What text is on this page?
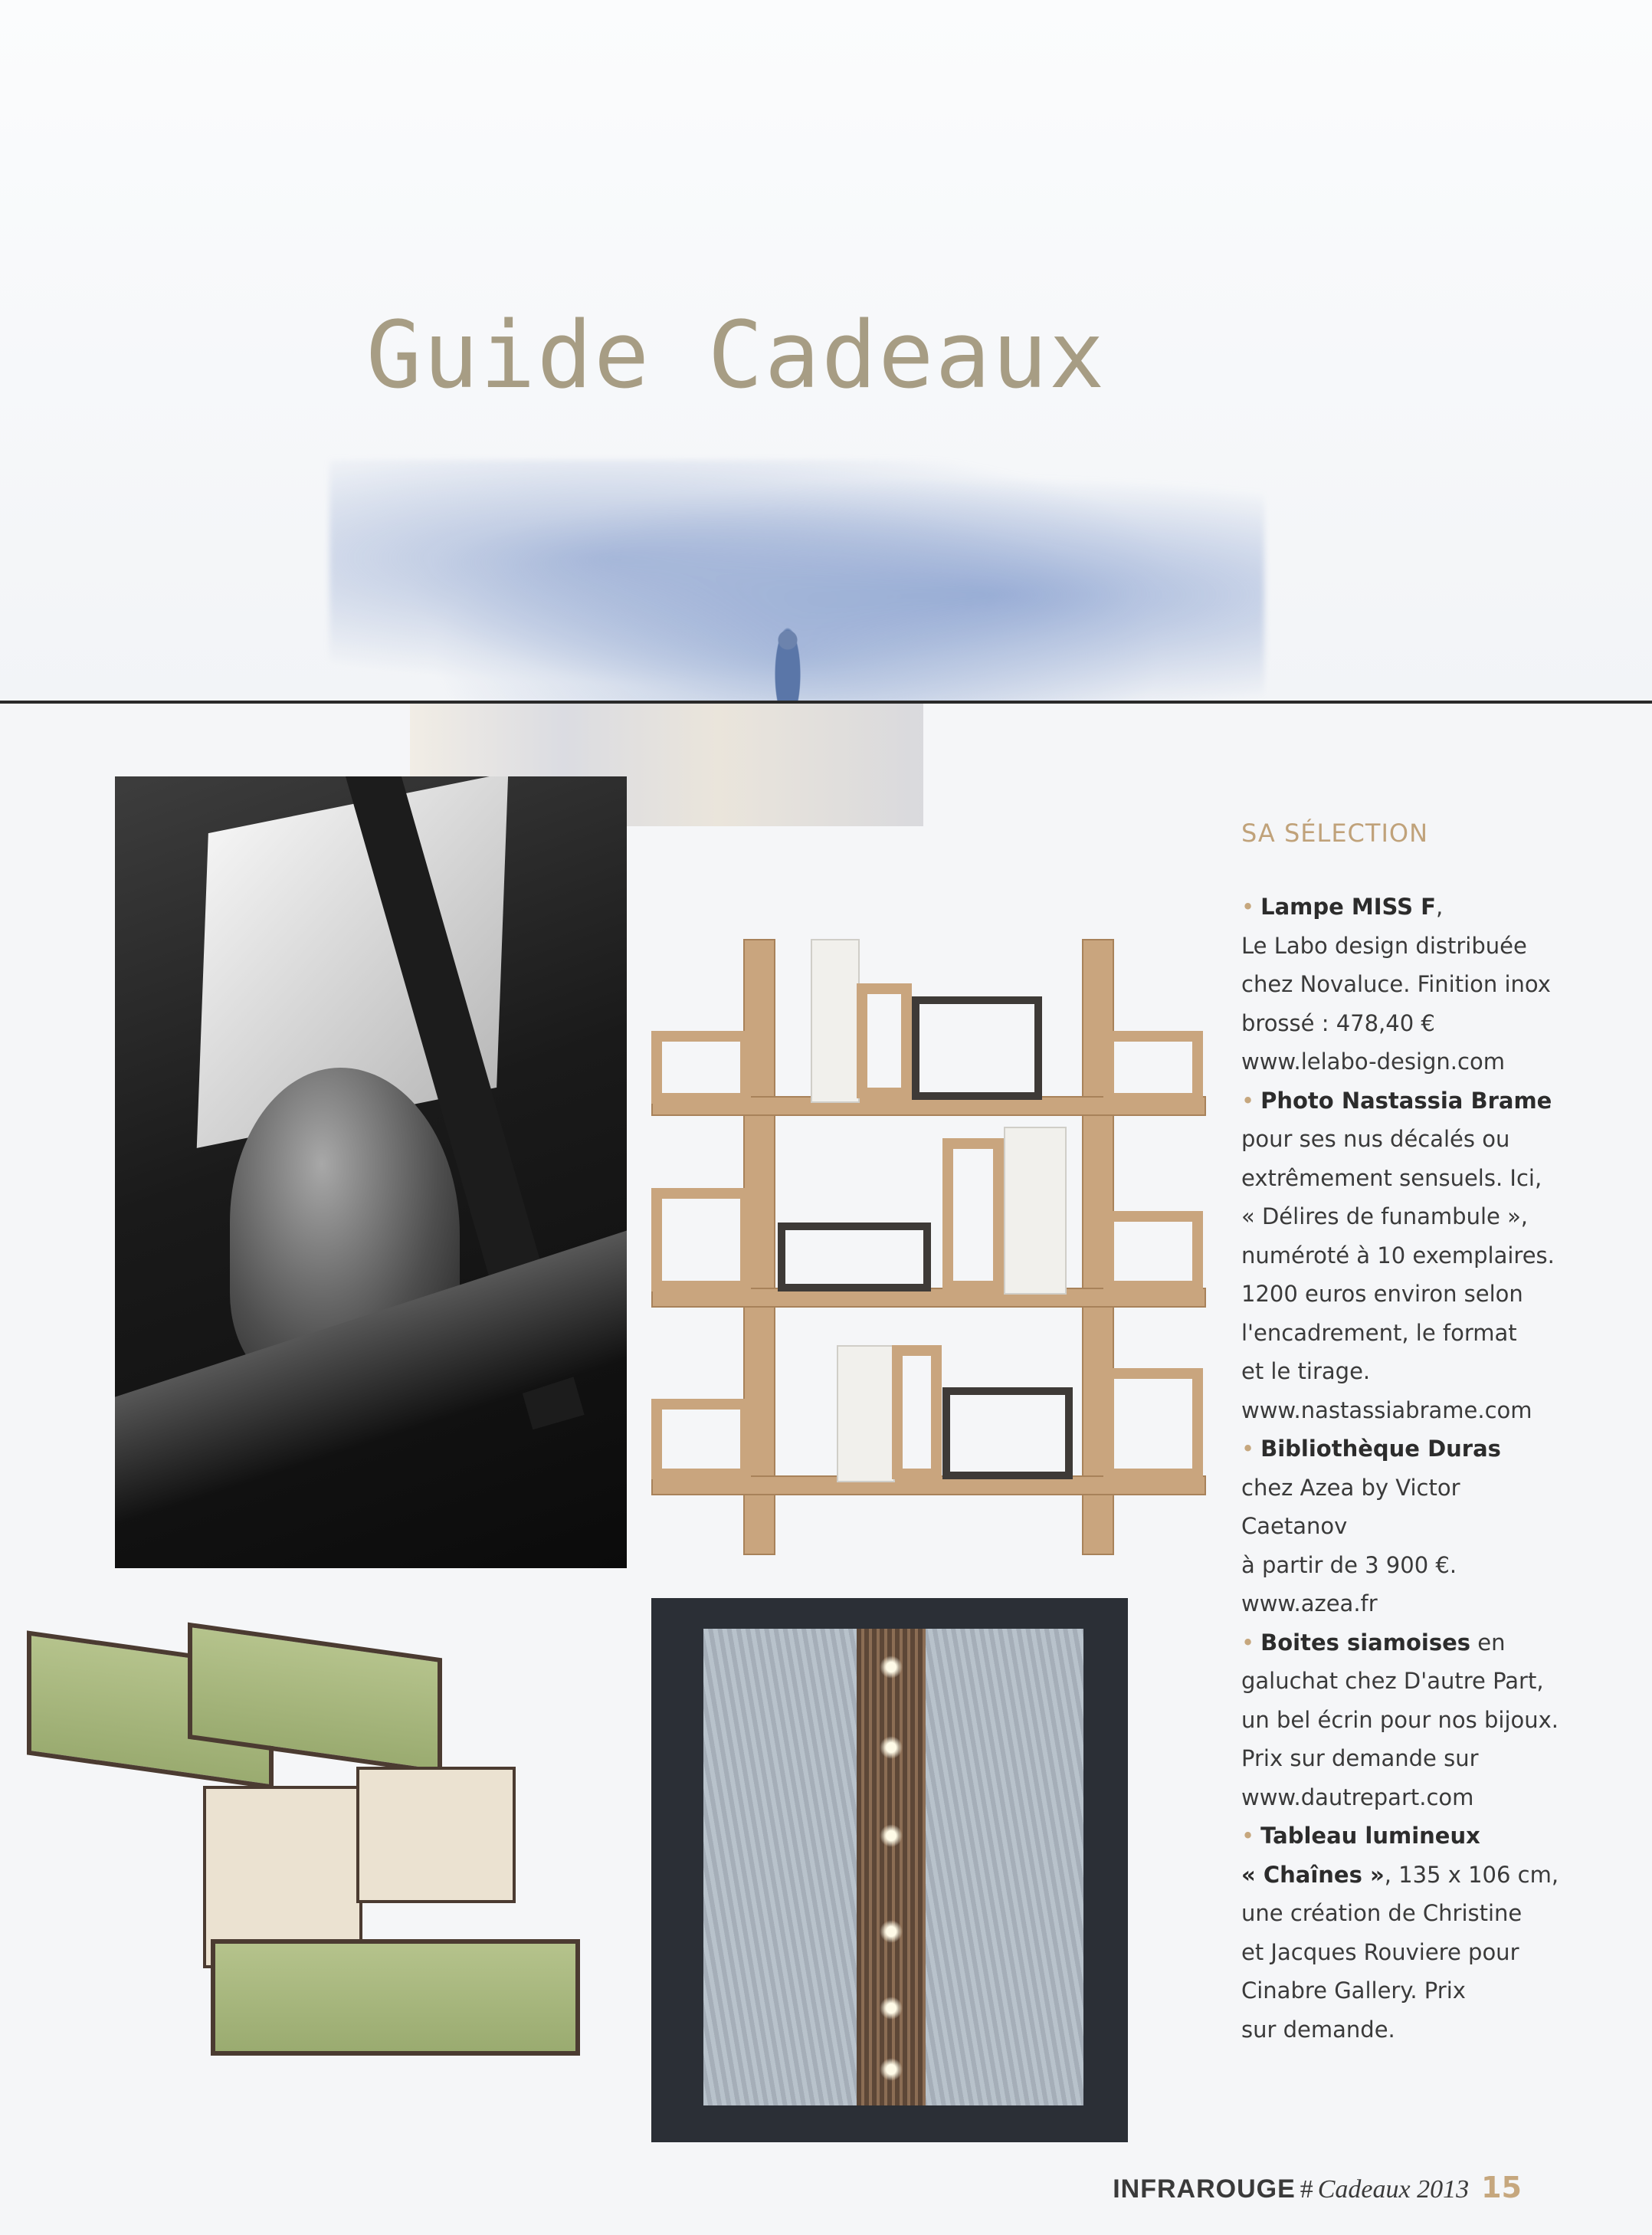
Guide Cadeaux
SA SÉLECTION

• Lampe MISS F,
Le Labo design distribuée
chez Novaluce. Finition inox
brossé : 478,40 €
www.lelabo-design.com

• Photo Nastassia Brame
pour ses nus décalés ou
extrêmement sensuels. Ici,
« Délires de funambule »,
numéroté à 10 exemplaires.
1200 euros environ selon
l'encadrement, le format
et le tirage.
www.nastassiabrame.com

• Bibliothèque Duras
chez Azea by Victor Caetanov
à partir de 3 900 €.
www.azea.fr

• Boites siamoises en
galuchat chez D'autre Part,
un bel écrin pour nos bijoux.
Prix sur demande sur
www.dautrepart.com

• Tableau lumineux
« Chaînes », 135 x 106 cm,
une création de Christine
et Jacques Rouviere pour
Cinabre Gallery. Prix
sur demande.

INFRAROUGE # Cadeaux 2013 15
